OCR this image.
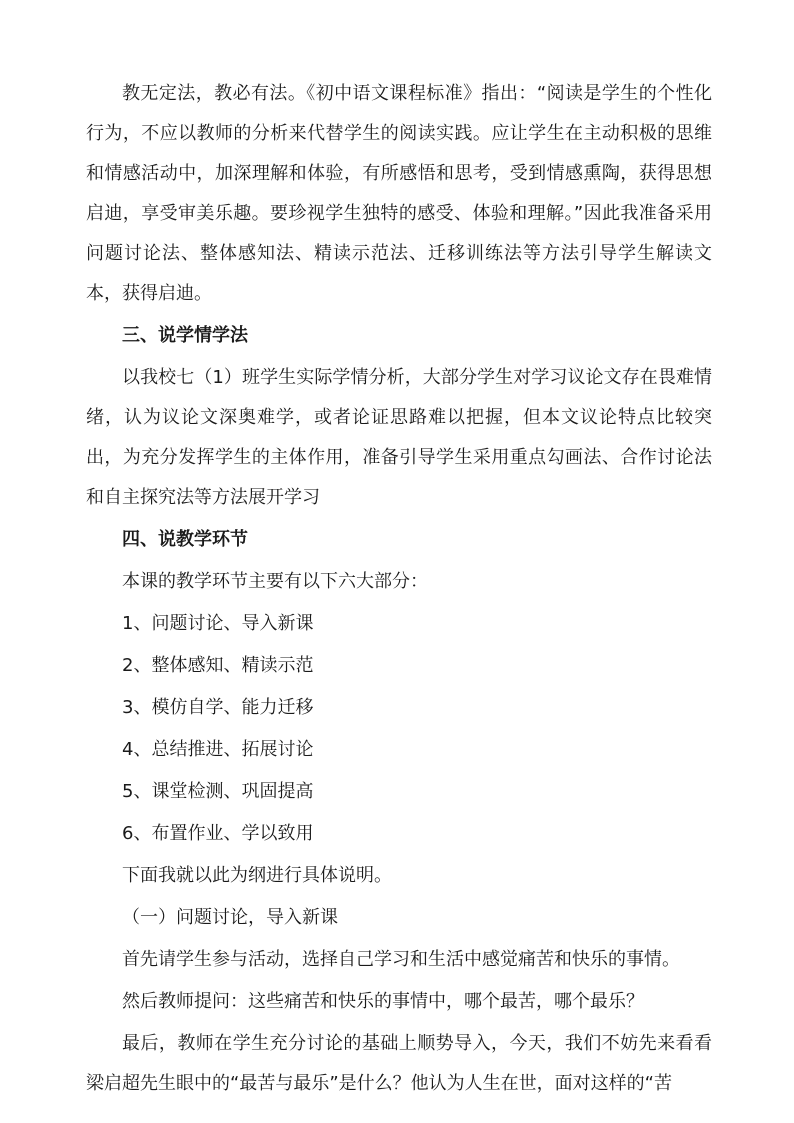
教无定法，教必有法。《初中语文课程标准》指出：“阅读是学生的个性化行为，不应以教师的分析来代替学生的阅读实践。应让学生在主动积极的思维和情感活动中，加深理解和体验，有所感悟和思考，受到情感熏陶，获得思想启迪，享受审美乐趣。要珍视学生独特的感受、体验和理解。”因此我准备采用问题讨论法、整体感知法、精读示范法、迁移训练法等方法引导学生解读文本，获得启迪。

三、说学情学法

以我校七（1）班学生实际学情分析，大部分学生对学习议论文存在畏难情绪，认为议论文深奥难学，或者论证思路难以把握，但本文议论特点比较突出，为充分发挥学生的主体作用，准备引导学生采用重点勾画法、合作讨论法和自主探究法等方法展开学习

四、说教学环节

本课的教学环节主要有以下六大部分：

1、问题讨论、导入新课

2、整体感知、精读示范

3、模仿自学、能力迁移

4、总结推进、拓展讨论

5、课堂检测、巩固提高

6、布置作业、学以致用

下面我就以此为纲进行具体说明。

（一）问题讨论，导入新课

首先请学生参与活动，选择自己学习和生活中感觉痛苦和快乐的事情。

然后教师提问：这些痛苦和快乐的事情中，哪个最苦，哪个最乐？

最后，教师在学生充分讨论的基础上顺势导入，今天，我们不妨先来看看梁启超先生眼中的“最苦与最乐”是什么？他认为人生在世，面对这样的“苦
